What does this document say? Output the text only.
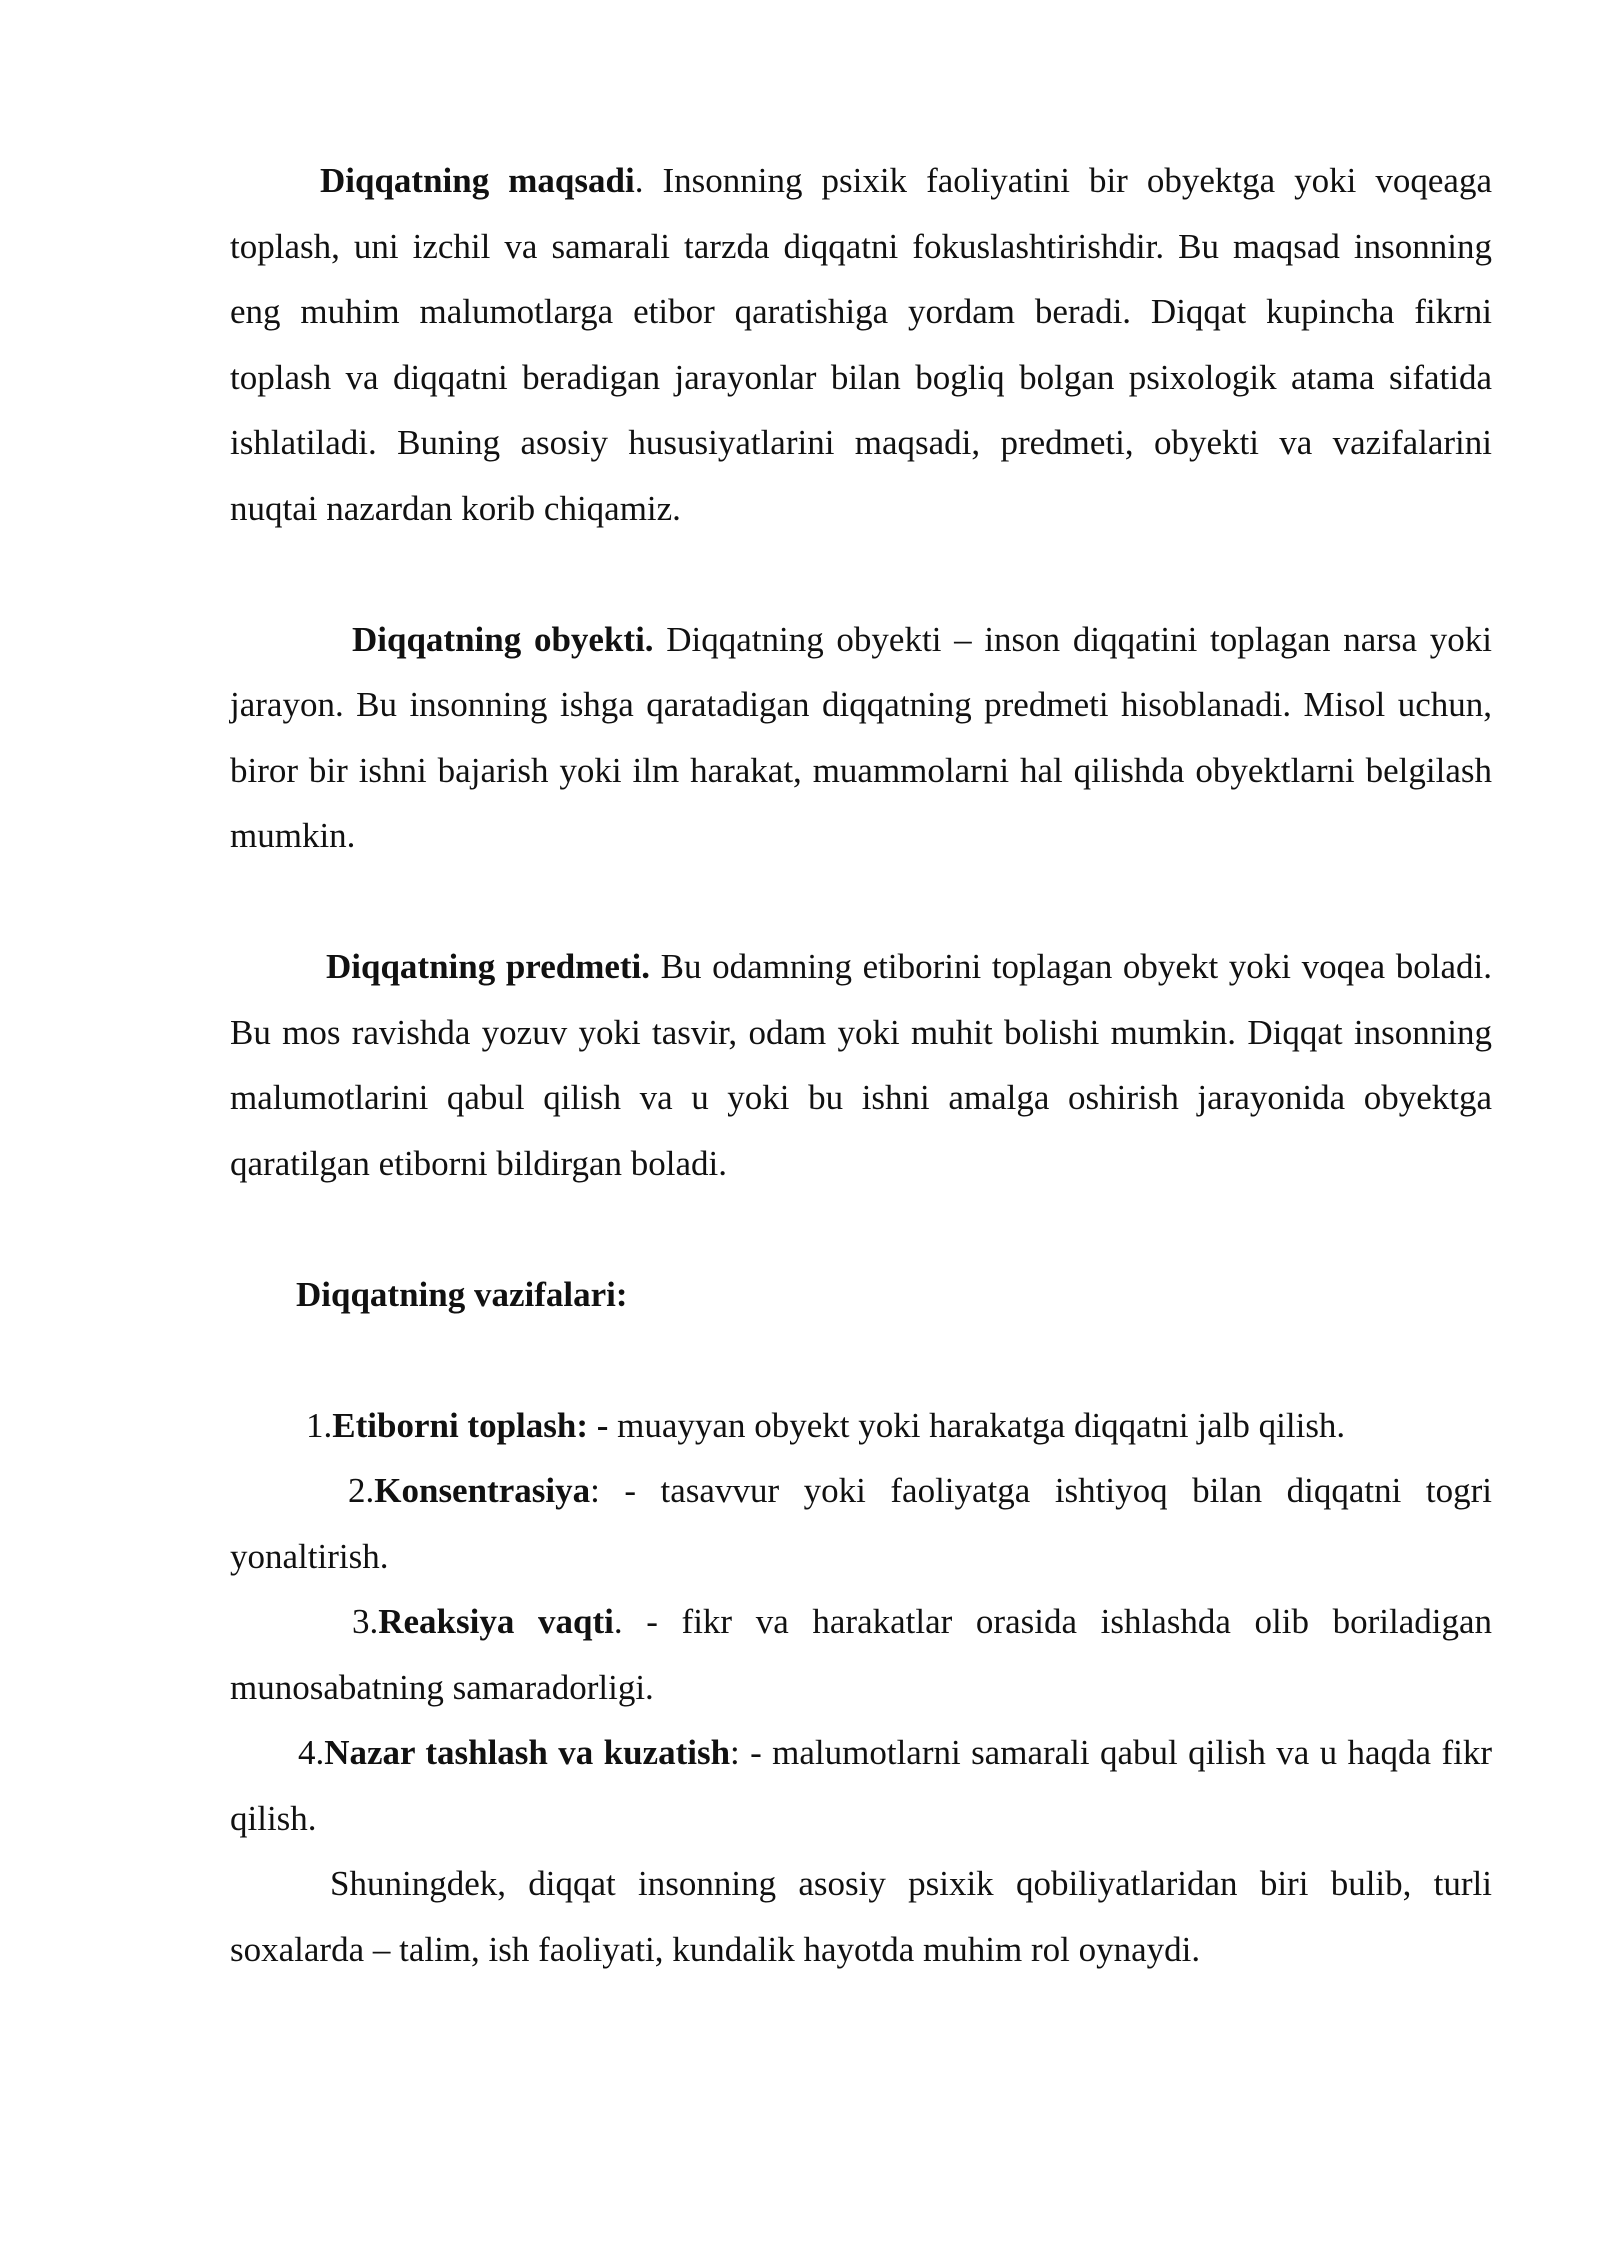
Diqqatning maqsadi. Insonning psixik faoliyatini bir obyektga yoki voqeaga toplash, uni izchil va samarali tarzda diqqatni fokuslashtirishdir. Bu maqsad insonning eng muhim malumotlarga etibor qaratishiga yordam beradi. Diqqat kupincha fikrni toplash va diqqatni beradigan jarayonlar bilan bogliq bolgan psixologik atama sifatida ishlatiladi. Buning asosiy hususiyatlarini maqsadi, predmeti, obyekti va vazifalarini nuqtai nazardan korib chiqamiz.

Diqqatning obyekti. Diqqatning obyekti – inson diqqatini toplagan narsa yoki jarayon. Bu insonning ishga qaratadigan diqqatning predmeti hisoblanadi. Misol uchun, biror bir ishni bajarish yoki ilm harakat, muammolarni hal qilishda obyektlarni belgilash mumkin.

Diqqatning predmeti. Bu odamning etiborini toplagan obyekt yoki voqea boladi. Bu mos ravishda yozuv yoki tasvir, odam yoki muhit bolishi mumkin. Diqqat insonning malumotlarini qabul qilish va u yoki bu ishni amalga oshirish jarayonida obyektga qaratilgan etiborni bildirgan boladi.

Diqqatning vazifalari:

1.Etiborni toplash: - muayyan obyekt yoki harakatga diqqatni jalb qilish.

2.Konsentrasiya: - tasavvur yoki faoliyatga ishtiyoq bilan diqqatni togri yonaltirish.

3.Reaksiya vaqti. - fikr va harakatlar orasida ishlashda olib boriladigan munosabatning samaradorligi.

4.Nazar tashlash va kuzatish: - malumotlarni samarali qabul qilish va u haqda fikr qilish.

Shuningdek, diqqat insonning asosiy psixik qobiliyatlaridan biri bulib, turli soxalarda – talim, ish faoliyati, kundalik hayotda muhim rol oynaydi.
